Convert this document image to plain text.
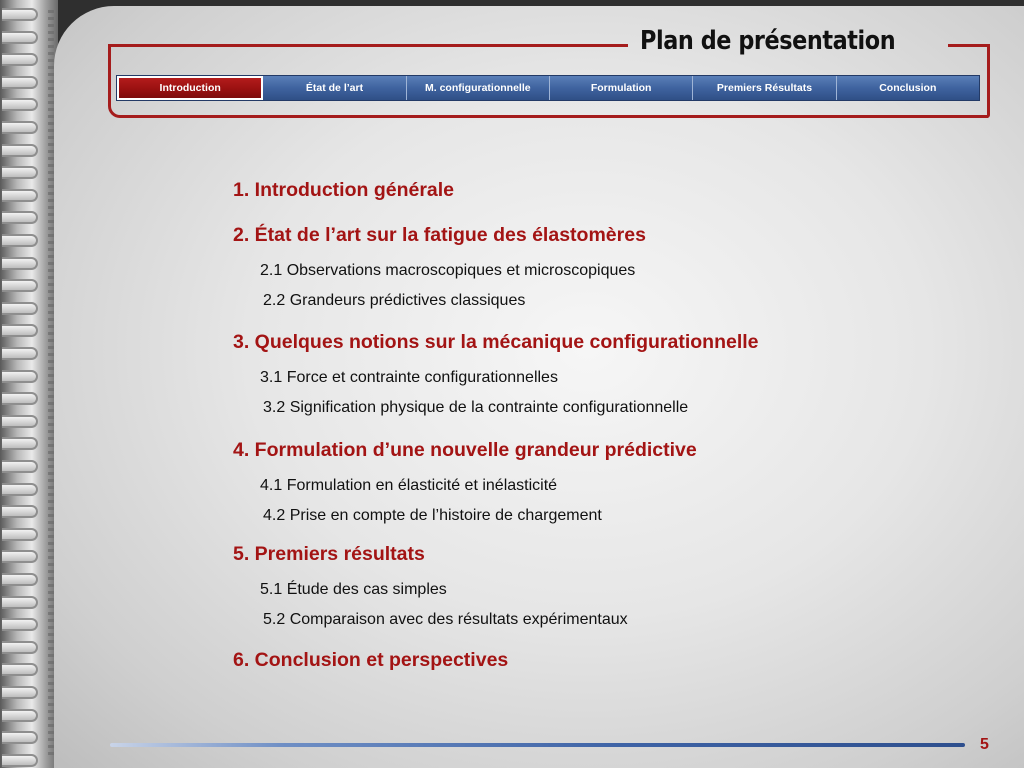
Plan de présentation
Introduction	État de l’art	M. configurationnelle	Formulation	Premiers Résultats	Conclusion
1. Introduction générale
2. État de l’art sur la fatigue des élastomères
2.1 Observations macroscopiques et microscopiques
2.2 Grandeurs prédictives classiques
3. Quelques notions sur la mécanique configurationnelle
3.1 Force et contrainte configurationnelles
3.2 Signification physique de la contrainte configurationnelle
4. Formulation d’une nouvelle grandeur prédictive
4.1 Formulation en élasticité et inélasticité
4.2 Prise en compte de l’histoire de chargement
5. Premiers résultats
5.1 Étude des cas simples
5.2 Comparaison avec des résultats expérimentaux
6. Conclusion et perspectives
5
